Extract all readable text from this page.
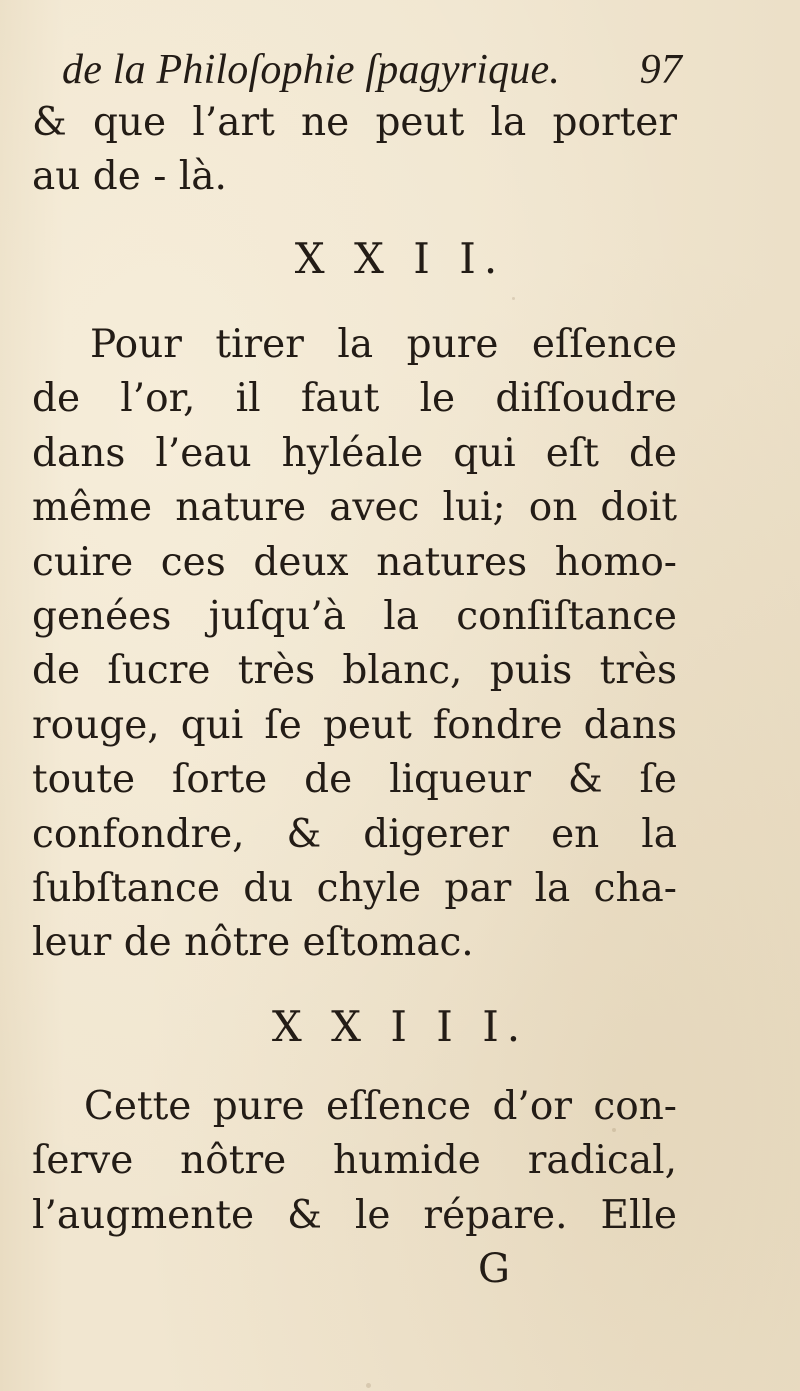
de la Philoſophie ſpagyrique. 97
& que l’art ne peut la porter
au de - là.
X X I I.
Pour tirer la pure eſſence
de l’or, il faut le diſſoudre
dans l’eau hyléale qui eſt de
même nature avec lui; on doit
cuire ces deux natures homo-
genées juſqu’à la conſiſtance
de ſucre très blanc, puis très
rouge, qui ſe peut fondre dans
toute ſorte de liqueur & ſe
confondre, & digerer en la
ſubſtance du chyle par la cha-
leur de nôtre eſtomac.
X X I I I.
Cette pure eſſence d’or con-
ſerve nôtre humide radical,
l’augmente & le répare. Elle
G
